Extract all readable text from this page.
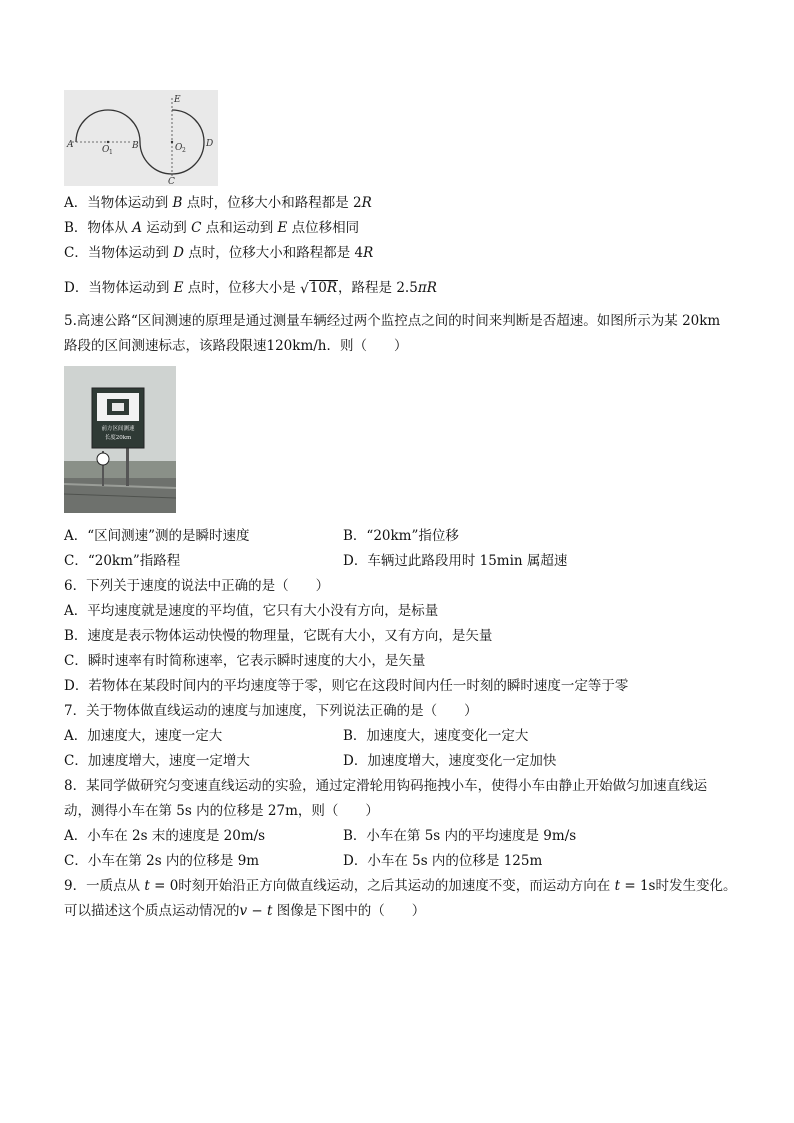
A	O 1
B	O 2
D
E
C
A．当物体运动到 B 点时，位移大小和路程都是 2R
B．物体从 A 运动到 C 点和运动到 E 点位移相同
C．当物体运动到 D 点时，位移大小和路程都是 4R
D．当物体运动到 E 点时，位移大小是 √10R，路程是 2.5πR
5.高速公路“区间测速的原理是通过测量车辆经过两个监控点之间的时间来判断是否超速。如图所示为某 20km
路段的区间测速标志，该路段限速120km/h．则（　　）
前方区间测速
长度20km
A．“区间测速”测的是瞬时速度	B．“20km”指位移
C．“20km”指路程	D．车辆过此路段用时 15min 属超速
6．下列关于速度的说法中正确的是（　　）
A．平均速度就是速度的平均值，它只有大小没有方向，是标量
B．速度是表示物体运动快慢的物理量，它既有大小，又有方向，是矢量
C．瞬时速率有时简称速率，它表示瞬时速度的大小，是矢量
D．若物体在某段时间内的平均速度等于零，则它在这段时间内任一时刻的瞬时速度一定等于零
7．关于物体做直线运动的速度与加速度，下列说法正确的是（　　）
A．加速度大，速度一定大	B．加速度大，速度变化一定大
C．加速度增大，速度一定增大	D．加速度增大，速度变化一定加快
8．某同学做研究匀变速直线运动的实验，通过定滑轮用钩码拖拽小车，使得小车由静止开始做匀加速直线运
动，测得小车在第 5s 内的位移是 27m，则（　　）
A．小车在 2s 末的速度是 20m/s	B．小车在第 5s 内的平均速度是 9m/s
C．小车在第 2s 内的位移是 9m	D．小车在 5s 内的位移是 125m
9．一质点从 t = 0时刻开始沿正方向做直线运动，之后其运动的加速度不变，而运动方向在 t = 1s时发生变化。
可以描述这个质点运动情况的v − t 图像是下图中的（　　）
